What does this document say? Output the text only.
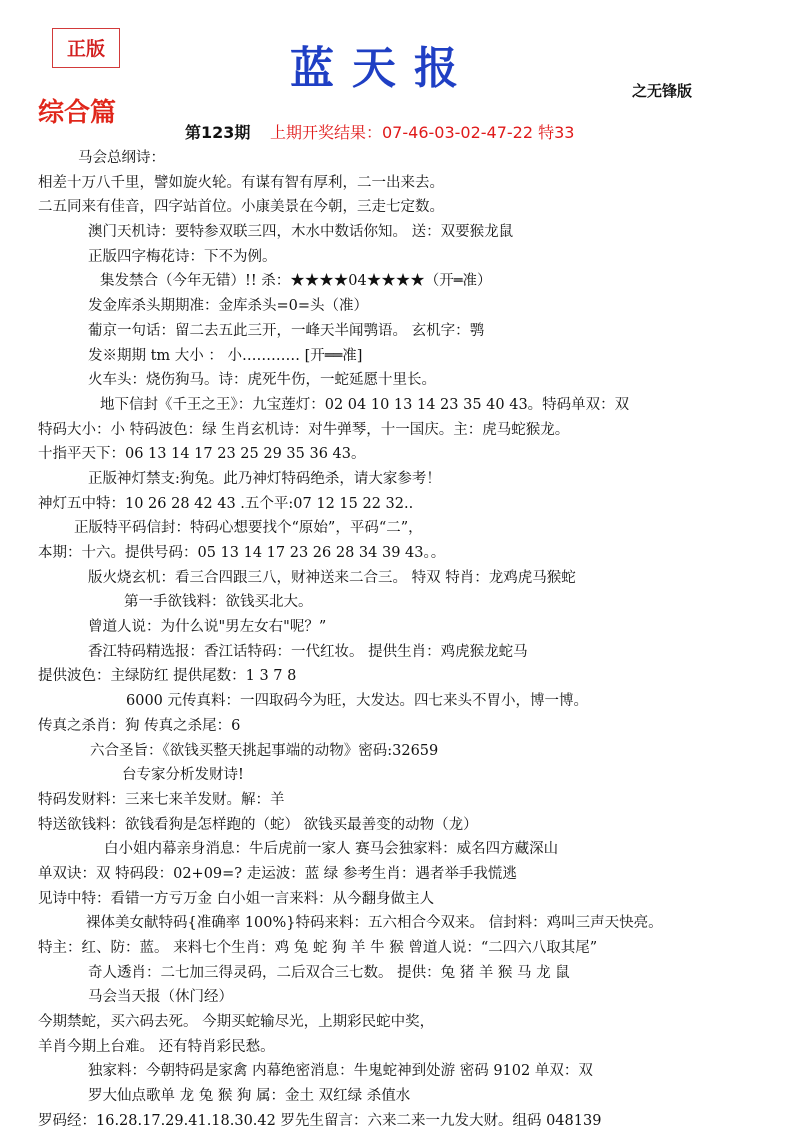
正版	蓝天报	之无锋版
综合篇
第123期 上期开奖结果：07-46-03-02-47-22 特33
马会总纲诗：
相差十万八千里，譬如旋火轮。有谋有智有厚利，二一出来去。
二五同来有佳音，四字站首位。小康美景在今朝，三走七定数。
澳门天机诗：要特参双联三四，木水中数话你知。 送：双要猴龙鼠
正版四字梅花诗：下不为例。
集发禁合（今年无错）!! 杀：★★★★04★★★★（开═准）
发金库杀头期期准：金库杀头=0=头（准）
葡京一句话：留二去五此三开，一峰天半闻鹗语。 玄机字：鹗
发※期期 tm 大小 ： 小………… [开══准]
火车头：烧伤狗马。诗：虎死牛伤，一蛇延愿十里长。
地下信封《千王之王》：九宝莲灯：02 04 10 13 14 23 35 40 43。特码单双：双
特码大小：小 特码波色：绿 生肖玄机诗：对牛弹琴，十一国庆。主：虎马蛇猴龙。
十指平天下：06 13 14 17 23 25 29 35 36 43。
正版神灯禁支:狗兔。此乃神灯特码绝杀，请大家参考！
神灯五中特：10 26 28 42 43 .五个平:07 12 15 22 32..
正版特平码信封：特码心想要找个“原始”，平码“二”，
本期：十六。提供号码：05 13 14 17 23 26 28 34 39 43。。
版火烧玄机：看三合四跟三八，财神送来二合三。 特双 特肖：龙鸡虎马猴蛇
第一手欲钱料：欲钱买北大。
曾道人说：为什么说"男左女右"呢？”
香江特码精选报：香江话特码：一代红妆。 提供生肖：鸡虎猴龙蛇马
提供波色：主绿防红 提供尾数：1 3 7 8
6000 元传真料：一四取码今为旺，大发达。四七来头不胃小，博一博。
传真之杀肖：狗 传真之杀尾：6
六合圣旨：《欲钱买整天挑起事端的动物》密码:32659
台专家分析发财诗!
特码发财料：三来七来羊发财。解：羊
特送欲钱料：欲钱看狗是怎样跑的（蛇） 欲钱买最善变的动物（龙）
白小姐内幕亲身消息：牛后虎前一家人 赛马会独家料：威名四方藏深山
单双诀：双 特码段：02+09=? 走运波：蓝 绿 参考生肖：遇者举手我慌逃
见诗中特：看错一方亏万金 白小姐一言来料：从今翻身做主人
裸体美女献特码{准确率 100%}特码来料：五六相合今双来。 信封料：鸡叫三声天快亮。
特主：红、防：蓝。 来料七个生肖：鸡 兔 蛇 狗 羊 牛 猴 曾道人说：“二四六八取其尾”
奇人透肖：二七加三得灵码，二后双合三七数。 提供：兔 猪 羊 猴 马 龙 鼠
马会当天报（休门经）
今期禁蛇，买六码去死。 今期买蛇输尽光，上期彩民蛇中奖，
羊肖今期上台难。 还有特肖彩民愁。
独家料：今朝特码是家禽 内幕绝密消息：牛鬼蛇神到处游 密码 9102 单双：双
罗大仙点歌单 龙 兔 猴 狗 属：金土 双红绿 杀值水
罗码经：16.28.17.29.41.18.30.42 罗先生留言：六来二来一九发大财。组码 048139
